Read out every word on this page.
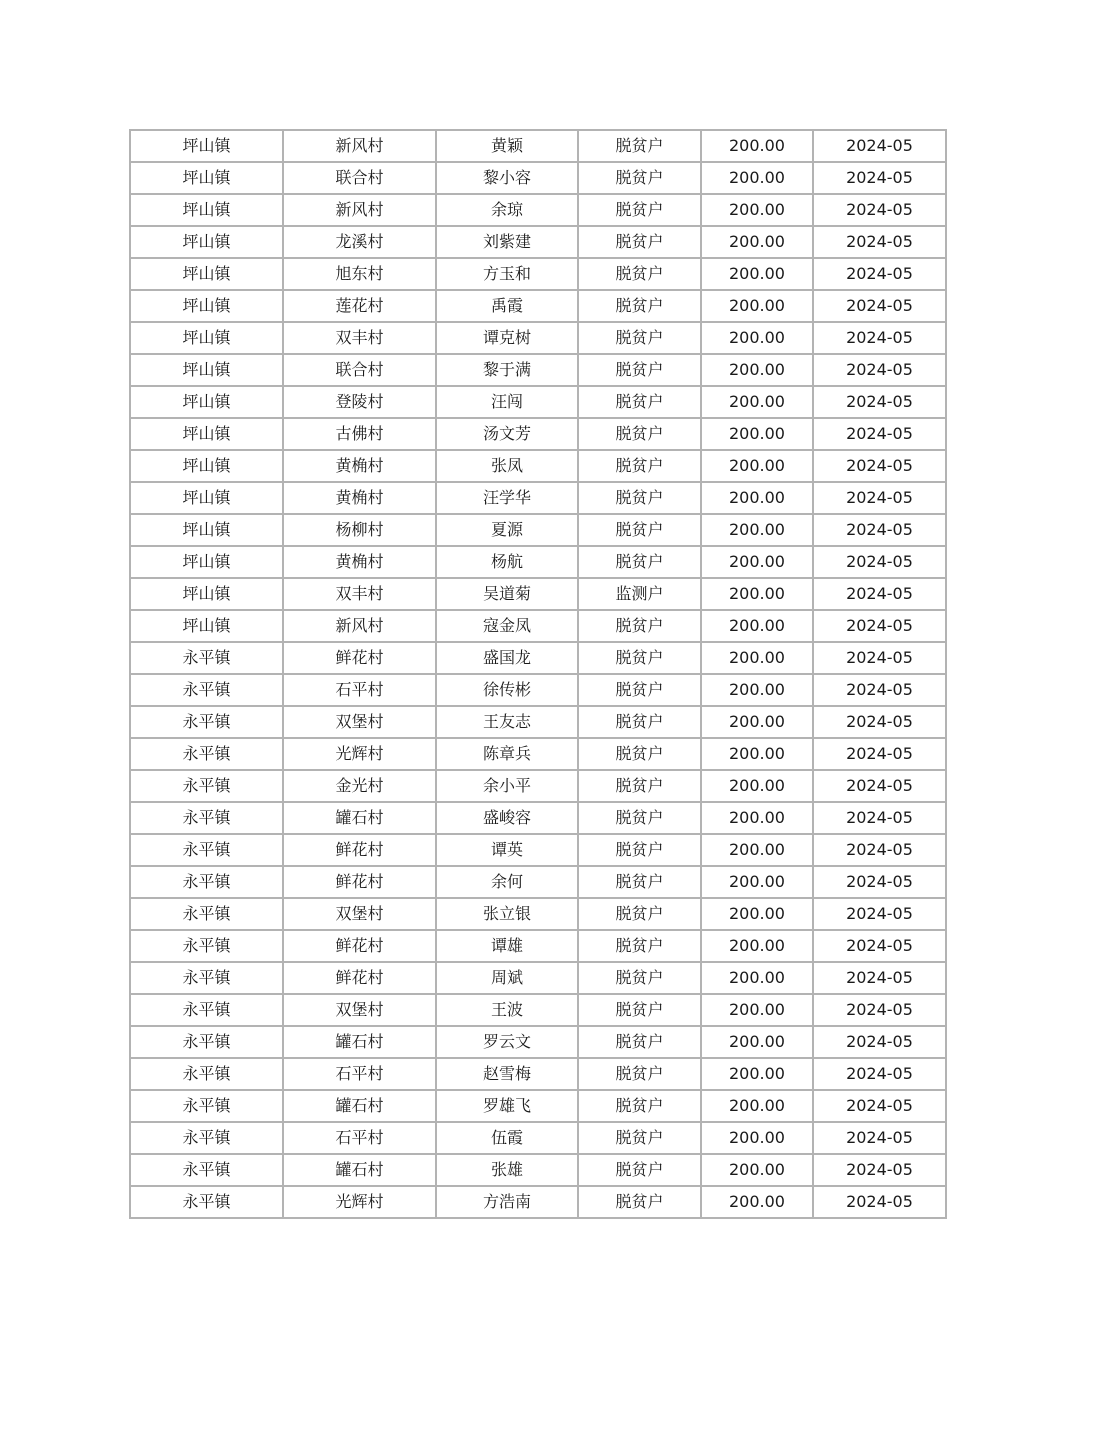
坪山镇	新风村	黄颖	脱贫户	200.00	2024-05
坪山镇	联合村	黎小容	脱贫户	200.00	2024-05
坪山镇	新风村	余琼	脱贫户	200.00	2024-05
坪山镇	龙溪村	刘紫建	脱贫户	200.00	2024-05
坪山镇	旭东村	方玉和	脱贫户	200.00	2024-05
坪山镇	莲花村	禹霞	脱贫户	200.00	2024-05
坪山镇	双丰村	谭克树	脱贫户	200.00	2024-05
坪山镇	联合村	黎于满	脱贫户	200.00	2024-05
坪山镇	登陵村	汪闯	脱贫户	200.00	2024-05
坪山镇	古佛村	汤文芳	脱贫户	200.00	2024-05
坪山镇	黄桷村	张凤	脱贫户	200.00	2024-05
坪山镇	黄桷村	汪学华	脱贫户	200.00	2024-05
坪山镇	杨柳村	夏源	脱贫户	200.00	2024-05
坪山镇	黄桷村	杨航	脱贫户	200.00	2024-05
坪山镇	双丰村	吴道菊	监测户	200.00	2024-05
坪山镇	新风村	寇金凤	脱贫户	200.00	2024-05
永平镇	鲜花村	盛国龙	脱贫户	200.00	2024-05
永平镇	石平村	徐传彬	脱贫户	200.00	2024-05
永平镇	双堡村	王友志	脱贫户	200.00	2024-05
永平镇	光辉村	陈章兵	脱贫户	200.00	2024-05
永平镇	金光村	余小平	脱贫户	200.00	2024-05
永平镇	罐石村	盛峻容	脱贫户	200.00	2024-05
永平镇	鲜花村	谭英	脱贫户	200.00	2024-05
永平镇	鲜花村	余何	脱贫户	200.00	2024-05
永平镇	双堡村	张立银	脱贫户	200.00	2024-05
永平镇	鲜花村	谭雄	脱贫户	200.00	2024-05
永平镇	鲜花村	周斌	脱贫户	200.00	2024-05
永平镇	双堡村	王波	脱贫户	200.00	2024-05
永平镇	罐石村	罗云文	脱贫户	200.00	2024-05
永平镇	石平村	赵雪梅	脱贫户	200.00	2024-05
永平镇	罐石村	罗雄飞	脱贫户	200.00	2024-05
永平镇	石平村	伍霞	脱贫户	200.00	2024-05
永平镇	罐石村	张雄	脱贫户	200.00	2024-05
永平镇	光辉村	方浩南	脱贫户	200.00	2024-05
